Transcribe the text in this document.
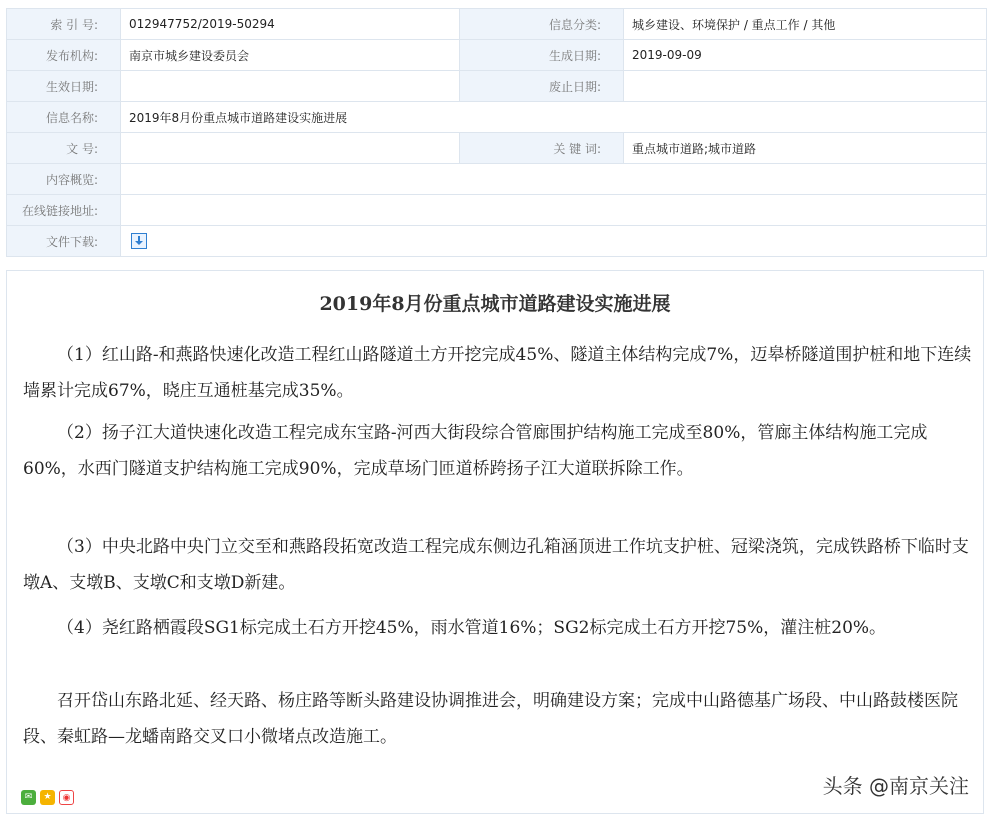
索 引 号:	012947752/2019-50294	信息分类:	城乡建设、环境保护 / 重点工作 / 其他
发布机构:	南京市城乡建设委员会	生成日期:	2019-09-09
生效日期:		废止日期:	
信息名称:	2019年8月份重点城市道路建设实施进展		
文 号:		关 键 词:	重点城市道路;城市道路
内容概览:			
在线链接地址:			
文件下载:			
2019年8月份重点城市道路建设实施进展

（1）红山路-和燕路快速化改造工程红山路隧道土方开挖完成45%、隧道主体结构完成7%，迈皋桥隧道围护桩和地下连续墙累计完成67%，晓庄互通桩基完成35%。

（2）扬子江大道快速化改造工程完成东宝路-河西大街段综合管廊围护结构施工完成至80%，管廊主体结构施工完成60%，水西门隧道支护结构施工完成90%，完成草场门匝道桥跨扬子江大道联拆除工作。

（3）中央北路中央门立交至和燕路段拓宽改造工程完成东侧边孔箱涵顶进工作坑支护桩、冠梁浇筑，完成铁路桥下临时支墩A、支墩B、支墩C和支墩D新建。

（4）尧红路栖霞段SG1标完成土石方开挖45%，雨水管道16%；SG2标完成土石方开挖75%，灌注桩20%。

召开岱山东路北延、经天路、杨庄路等断头路建设协调推进会，明确建设方案；完成中山路德基广场段、中山路鼓楼医院段、秦虹路—龙蟠南路交叉口小微堵点改造施工。

✉	★	◉	头条 @南京关注
